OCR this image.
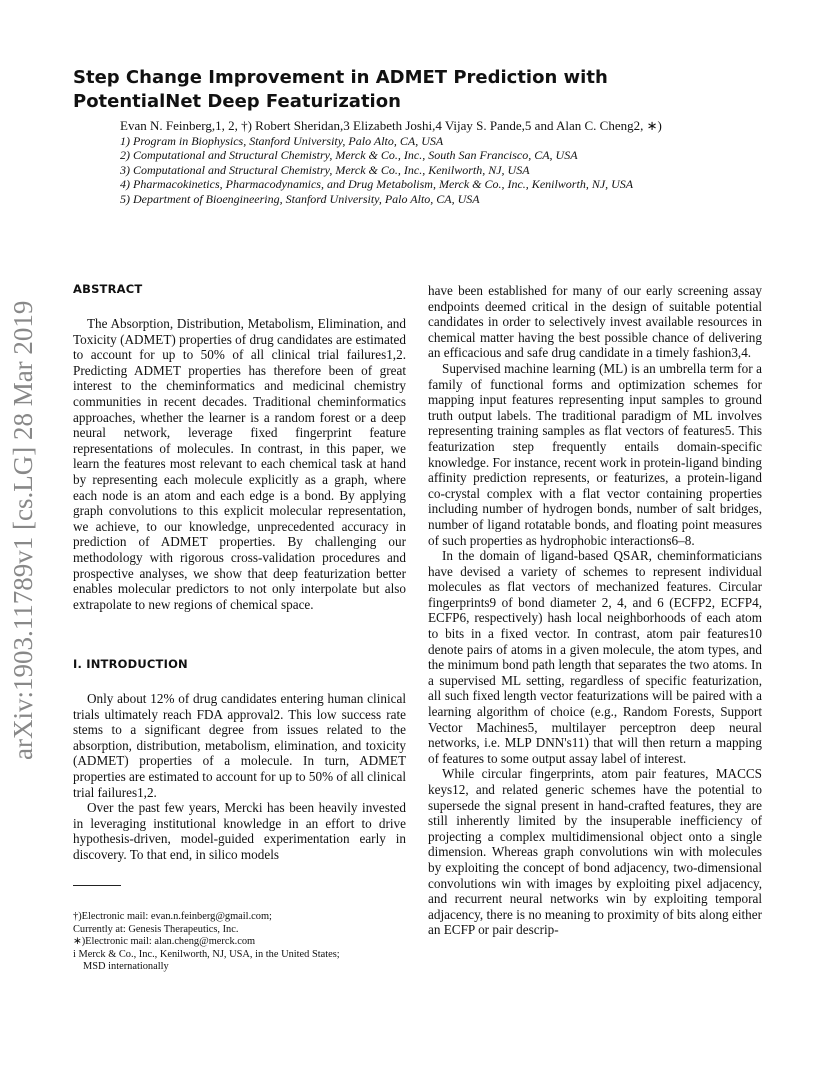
Step Change Improvement in ADMET Prediction with PotentialNet Deep Featurization
Evan N. Feinberg,1, 2, †) Robert Sheridan,3 Elizabeth Joshi,4 Vijay S. Pande,5 and Alan C. Cheng2, ∗)

1) Program in Biophysics, Stanford University, Palo Alto, CA, USA

2) Computational and Structural Chemistry, Merck & Co., Inc., South San Francisco, CA, USA

3) Computational and Structural Chemistry, Merck & Co., Inc., Kenilworth, NJ, USA

4) Pharmacokinetics, Pharmacodynamics, and Drug Metabolism, Merck & Co., Inc., Kenilworth, NJ, USA

5) Department of Bioengineering, Stanford University, Palo Alto, CA, USA

arXiv:1903.11789v1 [cs.LG] 28 Mar 2019
ABSTRACT

The Absorption, Distribution, Metabolism, Elimination, and Toxicity (ADMET) properties of drug candidates are estimated to account for up to 50% of all clinical trial failures1,2. Predicting ADMET properties has therefore been of great interest to the cheminformatics and medicinal chemistry communities in recent decades. Traditional cheminformatics approaches, whether the learner is a random forest or a deep neural network, leverage fixed fingerprint feature representations of molecules. In contrast, in this paper, we learn the features most relevant to each chemical task at hand by representing each molecule explicitly as a graph, where each node is an atom and each edge is a bond. By applying graph convolutions to this explicit molecular representation, we achieve, to our knowledge, unprecedented accuracy in prediction of ADMET properties. By challenging our methodology with rigorous cross-validation procedures and prospective analyses, we show that deep featurization better enables molecular predictors to not only interpolate but also extrapolate to new regions of chemical space.

I. INTRODUCTION

Only about 12% of drug candidates entering human clinical trials ultimately reach FDA approval2. This low success rate stems to a significant degree from issues related to the absorption, distribution, metabolism, elimination, and toxicity (ADMET) properties of a molecule. In turn, ADMET properties are estimated to account for up to 50% of all clinical trial failures1,2.

Over the past few years, Mercki has been heavily invested in leveraging institutional knowledge in an effort to drive hypothesis-driven, model-guided experimentation early in discovery. To that end, in silico models

†)Electronic mail: evan.n.feinberg@gmail.com;
Currently at: Genesis Therapeutics, Inc.
∗)Electronic mail: alan.cheng@merck.com
i Merck & Co., Inc., Kenilworth, NJ, USA, in the United States;
MSD internationally

have been established for many of our early screening assay endpoints deemed critical in the design of suitable potential candidates in order to selectively invest available resources in chemical matter having the best possible chance of delivering an efficacious and safe drug candidate in a timely fashion3,4.

Supervised machine learning (ML) is an umbrella term for a family of functional forms and optimization schemes for mapping input features representing input samples to ground truth output labels. The traditional paradigm of ML involves representing training samples as flat vectors of features5. This featurization step frequently entails domain-specific knowledge. For instance, recent work in protein-ligand binding affinity prediction represents, or featurizes, a protein-ligand co-crystal complex with a flat vector containing properties including number of hydrogen bonds, number of salt bridges, number of ligand rotatable bonds, and floating point measures of such properties as hydrophobic interactions6–8.

In the domain of ligand-based QSAR, cheminformaticians have devised a variety of schemes to represent individual molecules as flat vectors of mechanized features. Circular fingerprints9 of bond diameter 2, 4, and 6 (ECFP2, ECFP4, ECFP6, respectively) hash local neighborhoods of each atom to bits in a fixed vector. In contrast, atom pair features10 denote pairs of atoms in a given molecule, the atom types, and the minimum bond path length that separates the two atoms. In a supervised ML setting, regardless of specific featurization, all such fixed length vector featurizations will be paired with a learning algorithm of choice (e.g., Random Forests, Support Vector Machines5, multilayer perceptron deep neural networks, i.e. MLP DNN's11) that will then return a mapping of features to some output assay label of interest.

While circular fingerprints, atom pair features, MACCS keys12, and related generic schemes have the potential to supersede the signal present in hand-crafted features, they are still inherently limited by the insuperable inefficiency of projecting a complex multidimensional object onto a single dimension. Whereas graph convolutions win with molecules by exploiting the concept of bond adjacency, two-dimensional convolutions win with images by exploiting pixel adjacency, and recurrent neural networks win by exploiting temporal adjacency, there is no meaning to proximity of bits along either an ECFP or pair descrip-
